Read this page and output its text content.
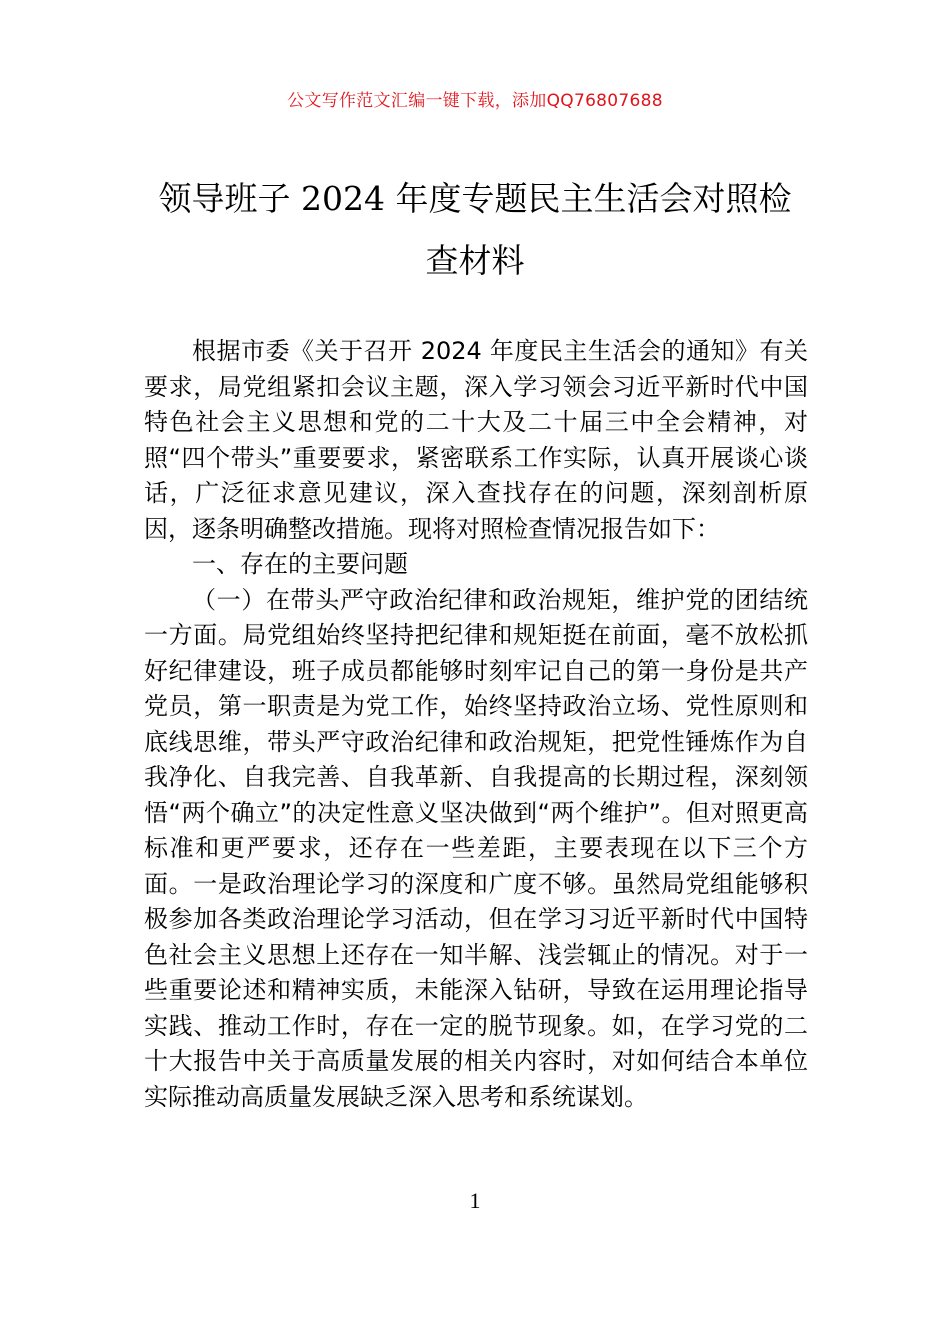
公文写作范文汇编一键下载，添加QQ76807688
领导班子 2024 年度专题民主生活会对照检
查材料

根据市委《关于召开 2024 年度民主生活会的通知》有关要求，局党组紧扣会议主题，深入学习领会习近平新时代中国特色社会主义思想和党的二十大及二十届三中全会精神，对照“四个带头”重要要求，紧密联系工作实际，认真开展谈心谈话，广泛征求意见建议，深入查找存在的问题，深刻剖析原因，逐条明确整改措施。现将对照检查情况报告如下：

一、存在的主要问题

（一）在带头严守政治纪律和政治规矩，维护党的团结统一方面。局党组始终坚持把纪律和规矩挺在前面，毫不放松抓好纪律建设，班子成员都能够时刻牢记自己的第一身份是共产党员，第一职责是为党工作，始终坚持政治立场、党性原则和底线思维，带头严守政治纪律和政治规矩，把党性锤炼作为自我净化、自我完善、自我革新、自我提高的长期过程，深刻领悟“两个确立”的决定性意义坚决做到“两个维护”。但对照更高标准和更严要求，还存在一些差距，主要表现在以下三个方面。一是政治理论学习的深度和广度不够。虽然局党组能够积极参加各类政治理论学习活动，但在学习习近平新时代中国特色社会主义思想上还存在一知半解、浅尝辄止的情况。对于一些重要论述和精神实质，未能深入钻研，导致在运用理论指导实践、推动工作时，存在一定的脱节现象。如，在学习党的二十大报告中关于高质量发展的相关内容时，对如何结合本单位实际推动高质量发展缺乏深入思考和系统谋划。

1
